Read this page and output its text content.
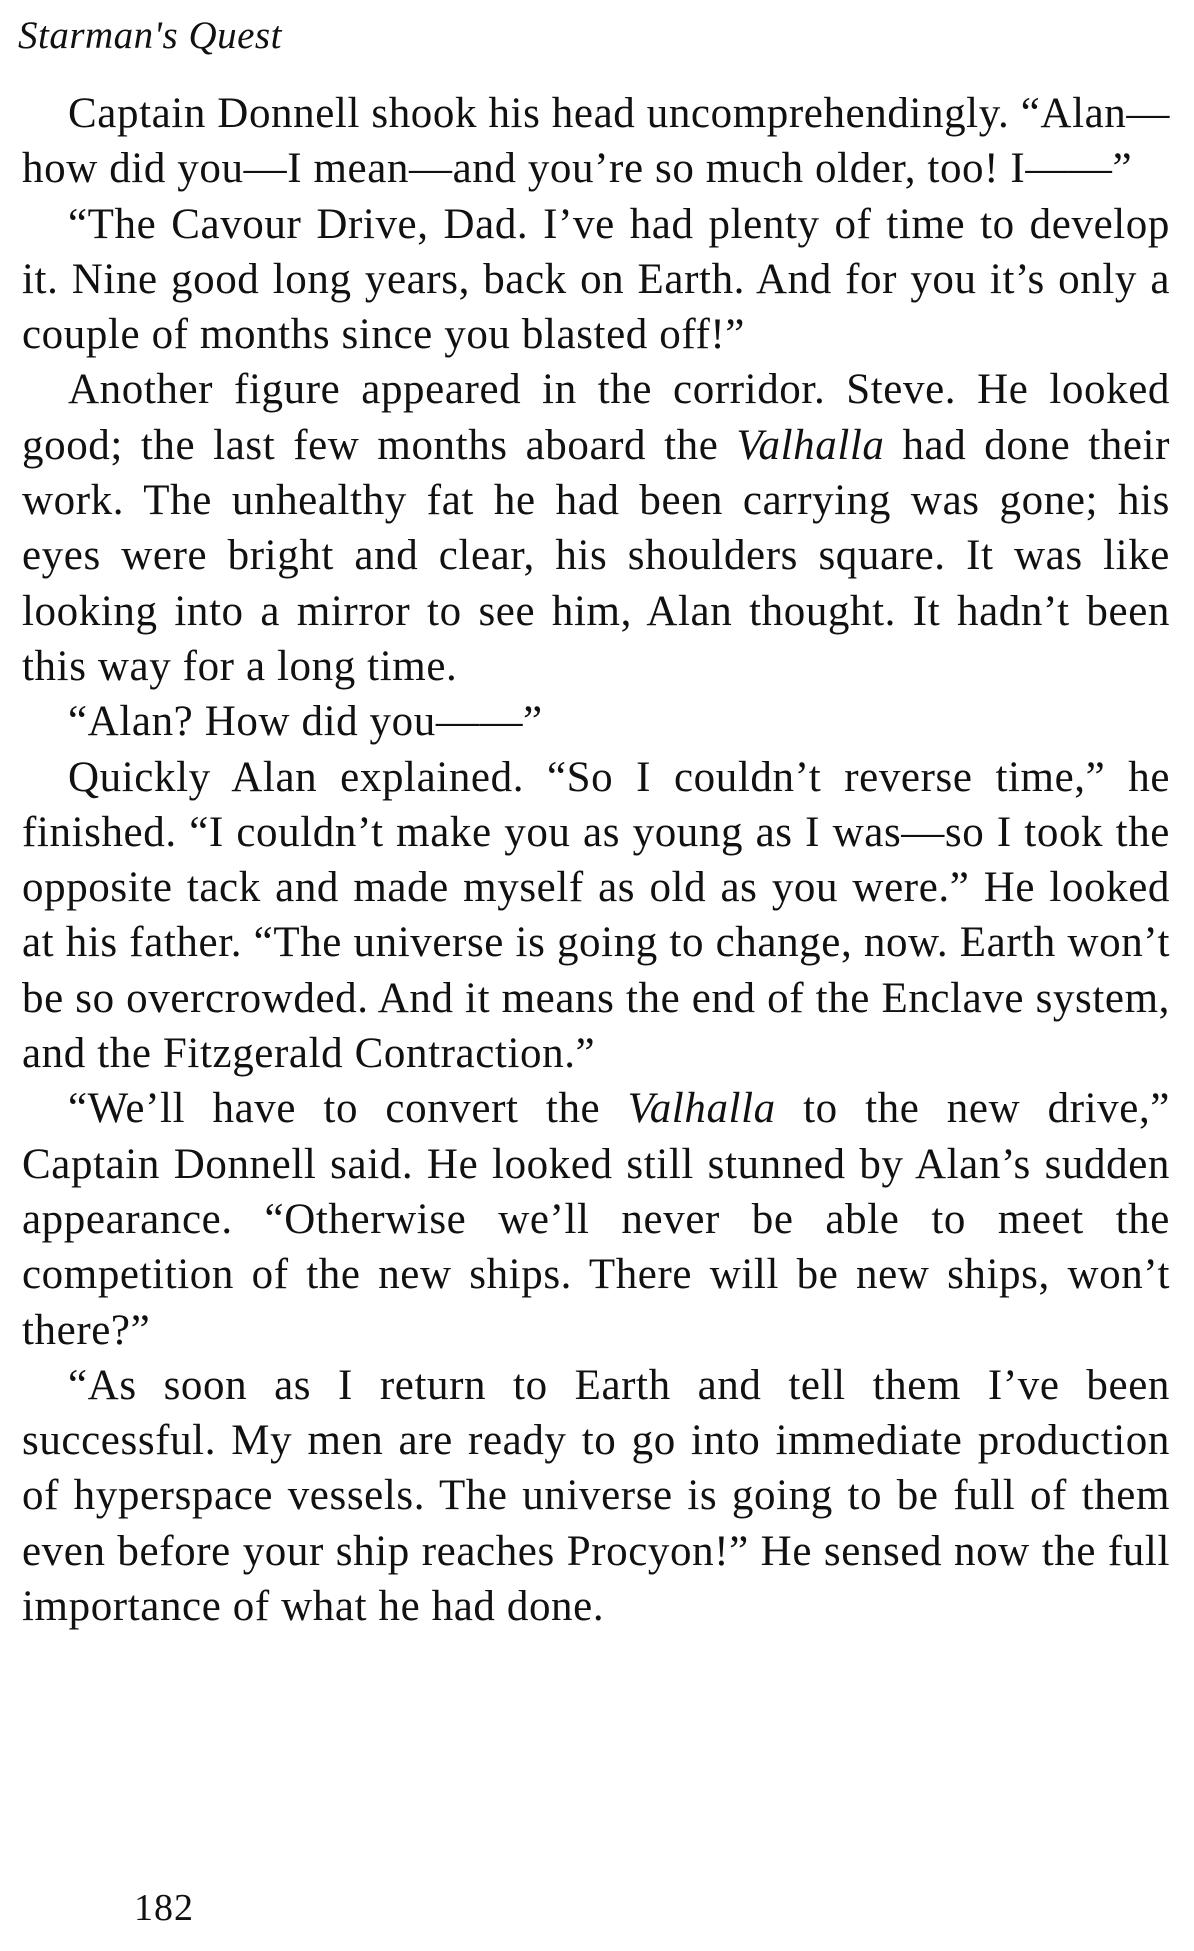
Starman's Quest

Captain Donnell shook his head uncomprehendingly. “Alan—how did you—I mean—and you’re so much older, too! I——”

“The Cavour Drive, Dad. I’ve had plenty of time to develop it. Nine good long years, back on Earth. And for you it’s only a couple of months since you blasted off!”

Another figure appeared in the corridor. Steve. He looked good; the last few months aboard the Valhalla had done their work. The unhealthy fat he had been carrying was gone; his eyes were bright and clear, his shoulders square. It was like looking into a mirror to see him, Alan thought. It hadn’t been this way for a long time.

“Alan? How did you——”

Quickly Alan explained. “So I couldn’t reverse time,” he finished. “I couldn’t make you as young as I was—so I took the opposite tack and made myself as old as you were.” He looked at his father. “The universe is going to change, now. Earth won’t be so overcrowded. And it means the end of the Enclave system, and the Fitzgerald Contraction.”

“We’ll have to convert the Valhalla to the new drive,” Captain Donnell said. He looked still stunned by Alan’s sudden appearance. “Otherwise we’ll never be able to meet the competition of the new ships. There will be new ships, won’t there?”

“As soon as I return to Earth and tell them I’ve been successful. My men are ready to go into immediate production of hyperspace vessels. The universe is going to be full of them even before your ship reaches Procyon!” He sensed now the full importance of what he had done.

182
